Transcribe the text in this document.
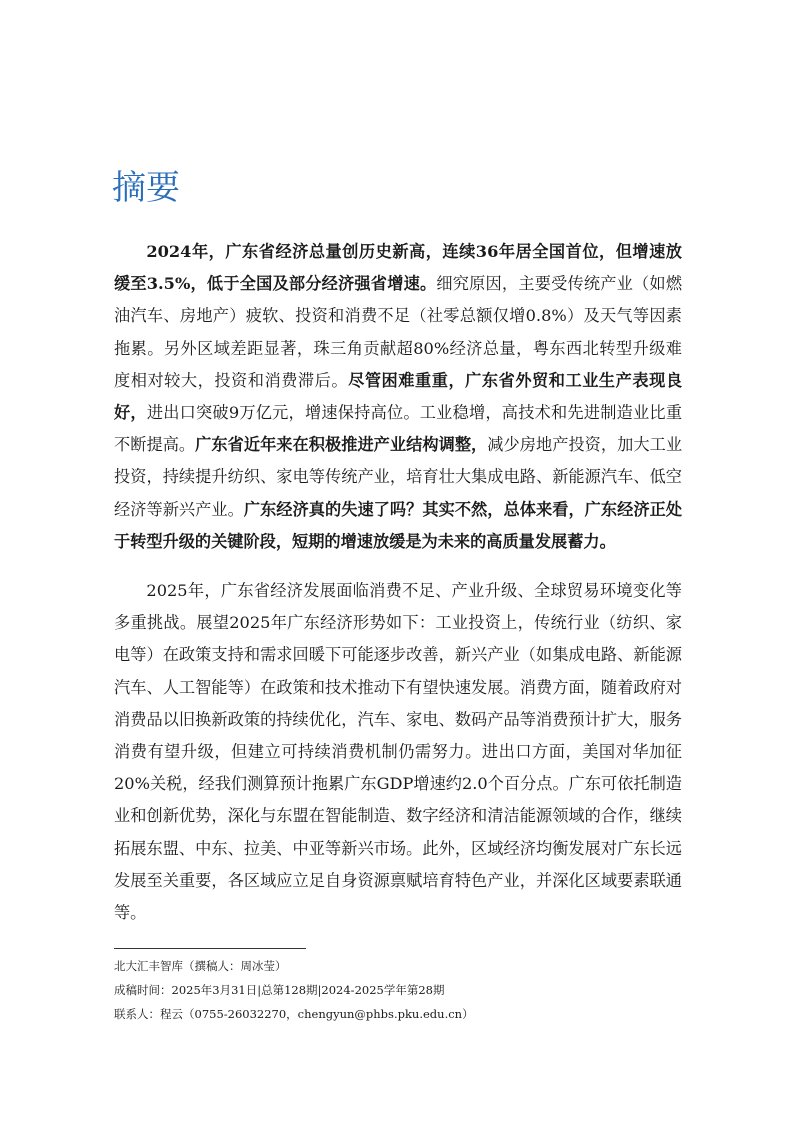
摘要

2024年，广东省经济总量创历史新高，连续36年居全国首位，但增速放缓至3.5%，低于全国及部分经济强省增速。细究原因，主要受传统产业（如燃油汽车、房地产）疲软、投资和消费不足（社零总额仅增0.8%）及天气等因素拖累。另外区域差距显著，珠三角贡献超80%经济总量，粤东西北转型升级难度相对较大，投资和消费滞后。尽管困难重重，广东省外贸和工业生产表现良好，进出口突破9万亿元，增速保持高位。工业稳增，高技术和先进制造业比重不断提高。广东省近年来在积极推进产业结构调整，减少房地产投资，加大工业投资，持续提升纺织、家电等传统产业，培育壮大集成电路、新能源汽车、低空经济等新兴产业。广东经济真的失速了吗？其实不然，总体来看，广东经济正处于转型升级的关键阶段，短期的增速放缓是为未来的高质量发展蓄力。

2025年，广东省经济发展面临消费不足、产业升级、全球贸易环境变化等多重挑战。展望2025年广东经济形势如下：工业投资上，传统行业（纺织、家电等）在政策支持和需求回暖下可能逐步改善，新兴产业（如集成电路、新能源汽车、人工智能等）在政策和技术推动下有望快速发展。消费方面，随着政府对消费品以旧换新政策的持续优化，汽车、家电、数码产品等消费预计扩大，服务消费有望升级，但建立可持续消费机制仍需努力。进出口方面，美国对华加征20%关税，经我们测算预计拖累广东GDP增速约2.0个百分点。广东可依托制造业和创新优势，深化与东盟在智能制造、数字经济和清洁能源领域的合作，继续拓展东盟、中东、拉美、中亚等新兴市场。此外，区域经济均衡发展对广东长远发展至关重要，各区域应立足自身资源禀赋培育特色产业，并深化区域要素联通等。

北大汇丰智库（撰稿人：周冰莹）

成稿时间：2025年3月31日|总第128期|2024-2025学年第28期

联系人：程云（0755-26032270，chengyun@phbs.pku.edu.cn）
